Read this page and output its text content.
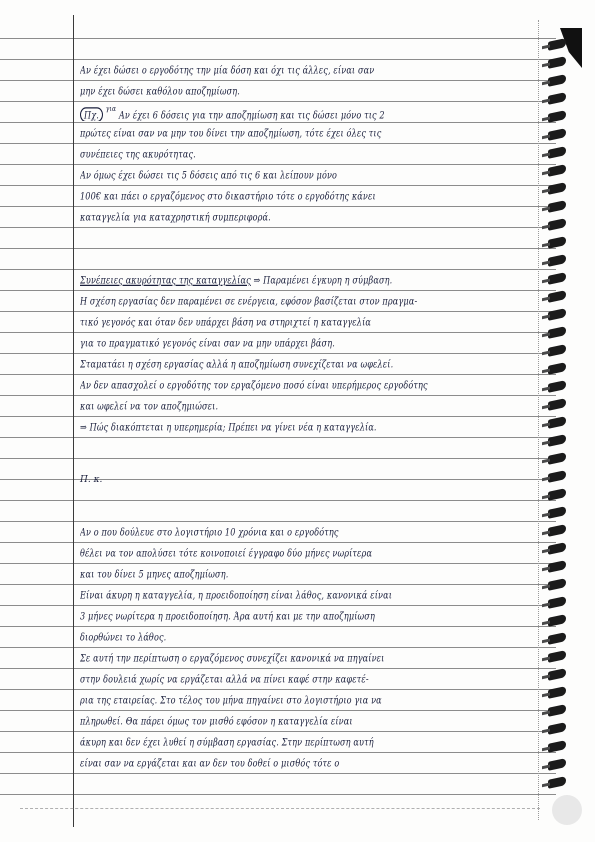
Αν έχει δώσει ο εργοδότης την μία δόση και όχι τις άλλες, είναι σαν
μην έχει δώσει καθόλου αποζημίωση.
Πχ. $^{\gamma\iota\alpha}$ Αν έχει 6 δόσεις για την αποζημίωση και τις δώσει μόνο τις 2
πρώτες είναι σαν να μην του δίνει την αποζημίωση, τότε έχει όλες τις
συνέπειες της ακυρότητας.
Αν όμως έχει δώσει τις 5 δόσεις από τις 6 και λείπουν μόνο
100€ και πάει ο εργαζόμενος στο δικαστήριο τότε ο εργοδότης κάνει
καταγγελία για καταχρηστική συμπεριφορά.
Συνέπειες ακυρότητας της καταγγελίας ⇒ Παραμένει έγκυρη η σύμβαση.
Η σχέση εργασίας δεν παραμένει σε ενέργεια, εφόσον βασίζεται στον πραγμα-
τικό γεγονός και όταν δεν υπάρχει βάση να στηριχτεί η καταγγελία
για το πραγματικό γεγονός είναι σαν να μην υπάρχει βάση.
Σταματάει η σχέση εργασίας αλλά η αποζημίωση συνεχίζεται να ωφελεί.
Αν δεν απασχολεί ο εργοδότης τον εργαζόμενο ποσό είναι υπερήμερος εργοδότης
και ωφελεί να τον αποζημιώσει.
⇒ Πώς διακόπτεται η υπερημερία; Πρέπει να γίνει νέα η καταγγελία.
Π. κ.
Αν ο που δούλευε στο λογιστήριο 10 χρόνια και ο εργοδότης
θέλει να τον απολύσει τότε κοινοποιεί έγγραφο δύο μήνες νωρίτερα
και του δίνει 5 μηνες αποζημίωση.
Είναι άκυρη η καταγγελία, η προειδοποίηση είναι λάθος, κανονικά είναι
3 μήνες νωρίτερα η προειδοποίηση. Άρα αυτή και με την αποζημίωση
διορθώνει το λάθος.
Σε αυτή την περίπτωση ο εργαζόμενος συνεχίζει κανονικά να πηγαίνει
στην δουλειά χωρίς να εργάζεται αλλά να πίνει καφέ στην καφετέ-
ρια της εταιρείας. Στο τέλος του μήνα πηγαίνει στο λογιστήριο για να
πληρωθεί. Θα πάρει όμως τον μισθό εφόσον η καταγγελία είναι
άκυρη και δεν έχει λυθεί η σύμβαση εργασίας. Στην περίπτωση αυτή
είναι σαν να εργάζεται και αν δεν του δοθεί ο μισθός τότε ο
